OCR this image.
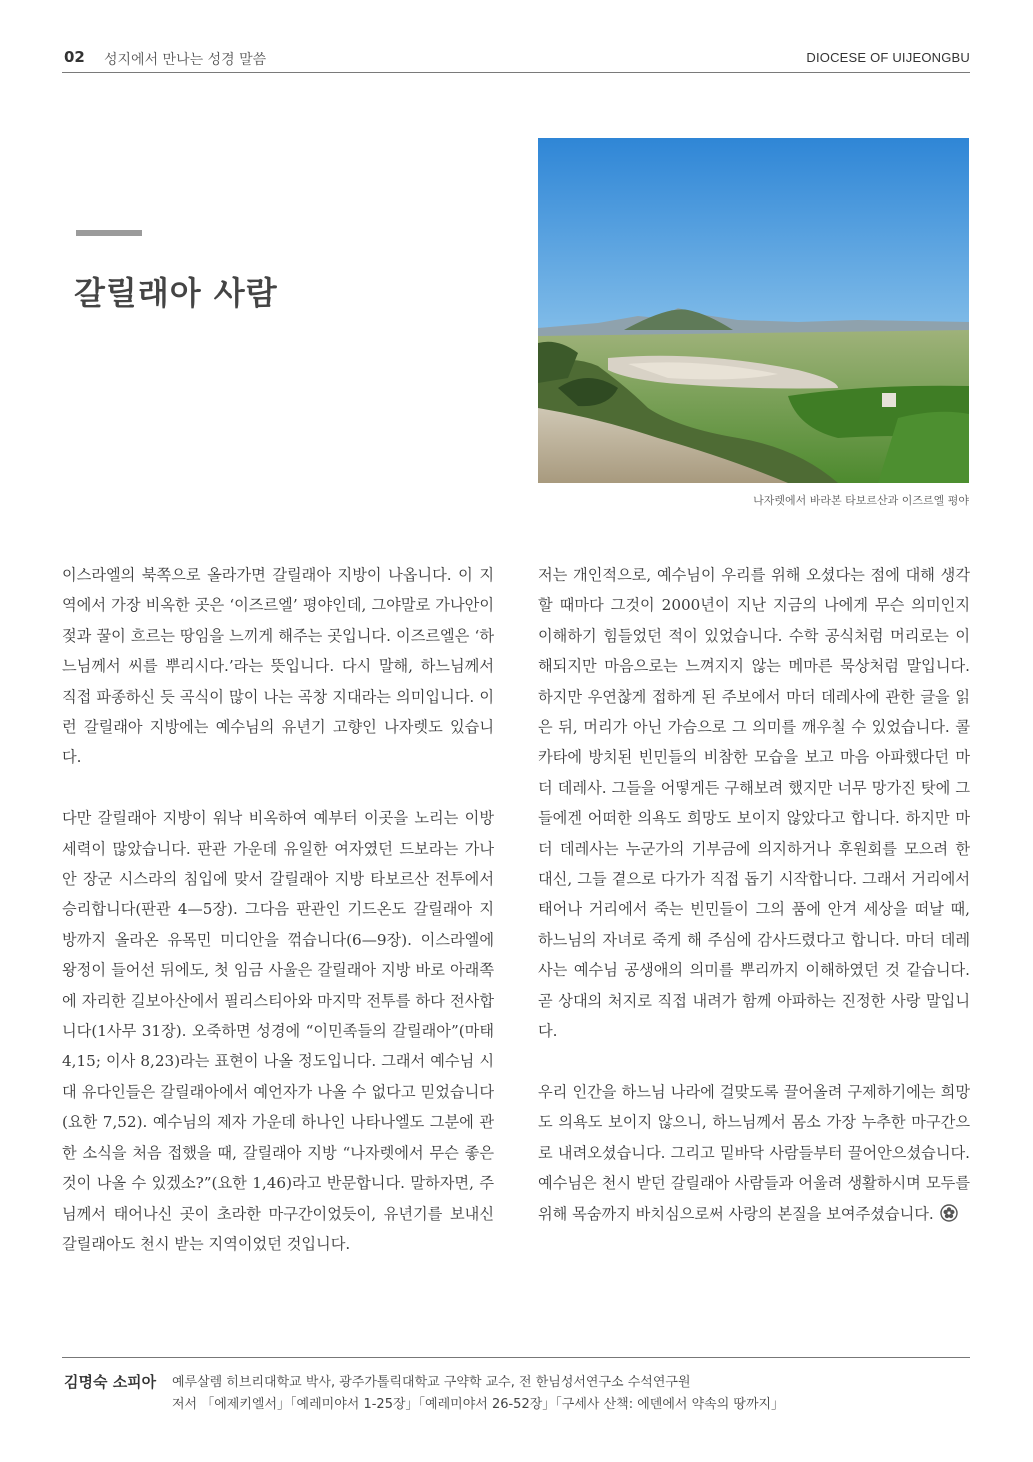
02 성지에서 만나는 성경 말씀	DIOCESE OF UIJEONGBU
갈릴래아 사람
나자렛에서 바라본 타보르산과 이즈르엘 평야

이스라엘의 북쪽으로 올라가면 갈릴래아 지방이 나옵니다. 이 지역에서 가장 비옥한 곳은 ‘이즈르엘’ 평야인데, 그야말로 가나안이 젖과 꿀이 흐르는 땅임을 느끼게 해주는 곳입니다. 이즈르엘은 ‘하느님께서 씨를 뿌리시다.’라는 뜻입니다. 다시 말해, 하느님께서 직접 파종하신 듯 곡식이 많이 나는 곡창 지대라는 의미입니다. 이런 갈릴래아 지방에는 예수님의 유년기 고향인 나자렛도 있습니다.

다만 갈릴래아 지방이 워낙 비옥하여 예부터 이곳을 노리는 이방 세력이 많았습니다. 판관 가운데 유일한 여자였던 드보라는 가나안 장군 시스라의 침입에 맞서 갈릴래아 지방 타보르산 전투에서 승리합니다(판관 4—5장). 그다음 판관인 기드온도 갈릴래아 지방까지 올라온 유목민 미디안을 꺾습니다(6—9장). 이스라엘에 왕정이 들어선 뒤에도, 첫 임금 사울은 갈릴래아 지방 바로 아래쪽에 자리한 길보아산에서 필리스티아와 마지막 전투를 하다 전사합니다(1사무 31장). 오죽하면 성경에 “이민족들의 갈릴래아”(마태 4,15; 이사 8,23)라는 표현이 나올 정도입니다. 그래서 예수님 시대 유다인들은 갈릴래아에서 예언자가 나올 수 없다고 믿었습니다(요한 7,52). 예수님의 제자 가운데 하나인 나타나엘도 그분에 관한 소식을 처음 접했을 때, 갈릴래아 지방 “나자렛에서 무슨 좋은 것이 나올 수 있겠소?”(요한 1,46)라고 반문합니다. 말하자면, 주님께서 태어나신 곳이 초라한 마구간이었듯이, 유년기를 보내신 갈릴래아도 천시 받는 지역이었던 것입니다.

저는 개인적으로, 예수님이 우리를 위해 오셨다는 점에 대해 생각할 때마다 그것이 2000년이 지난 지금의 나에게 무슨 의미인지 이해하기 힘들었던 적이 있었습니다. 수학 공식처럼 머리로는 이해되지만 마음으로는 느껴지지 않는 메마른 묵상처럼 말입니다. 하지만 우연찮게 접하게 된 주보에서 마더 데레사에 관한 글을 읽은 뒤, 머리가 아닌 가슴으로 그 의미를 깨우칠 수 있었습니다. 콜카타에 방치된 빈민들의 비참한 모습을 보고 마음 아파했다던 마더 데레사. 그들을 어떻게든 구해보려 했지만 너무 망가진 탓에 그들에겐 어떠한 의욕도 희망도 보이지 않았다고 합니다. 하지만 마더 데레사는 누군가의 기부금에 의지하거나 후원회를 모으려 한 대신, 그들 곁으로 다가가 직접 돕기 시작합니다. 그래서 거리에서 태어나 거리에서 죽는 빈민들이 그의 품에 안겨 세상을 떠날 때, 하느님의 자녀로 죽게 해 주심에 감사드렸다고 합니다. 마더 데레사는 예수님 공생애의 의미를 뿌리까지 이해하였던 것 같습니다. 곧 상대의 처지로 직접 내려가 함께 아파하는 진정한 사랑 말입니다.

우리 인간을 하느님 나라에 걸맞도록 끌어올려 구제하기에는 희망도 의욕도 보이지 않으니, 하느님께서 몸소 가장 누추한 마구간으로 내려오셨습니다. 그리고 밑바닥 사람들부터 끌어안으셨습니다. 예수님은 천시 받던 갈릴래아 사람들과 어울려 생활하시며 모두를 위해 목숨까지 바치심으로써 사랑의 본질을 보여주셨습니다.

김명숙 소피아 예루살렘 히브리대학교 박사, 광주가톨릭대학교 구약학 교수, 전 한님성서연구소 수석연구원
저서 「에제키엘서」「예레미야서 1-25장」「예레미야서 26-52장」「구세사 산책: 에덴에서 약속의 땅까지」
